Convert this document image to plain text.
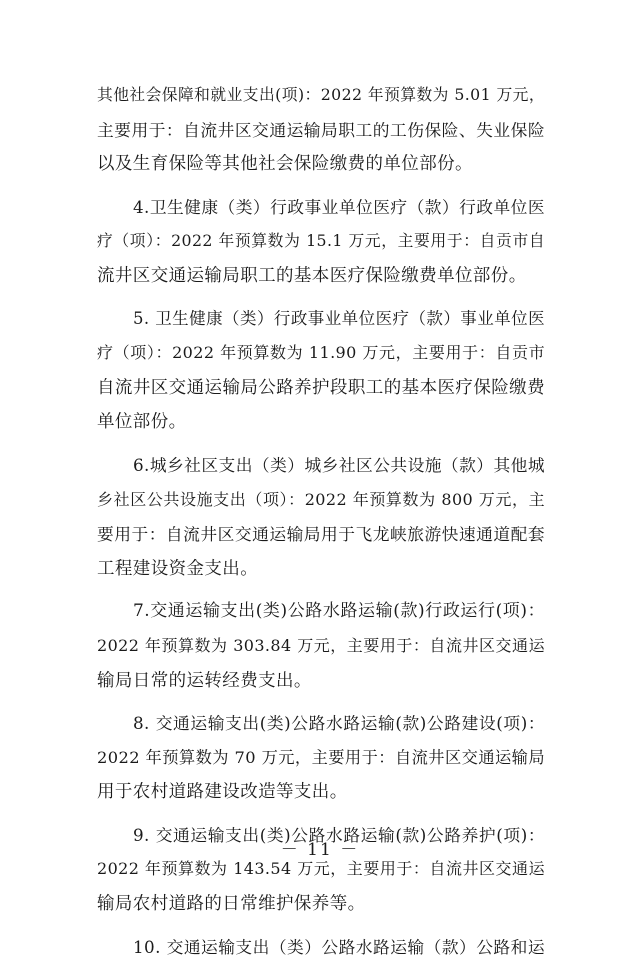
其他社会保障和就业支出(项)：2022 年预算数为 5.01 万元，
主要用于：自流井区交通运输局职工的工伤保险、失业保险
以及生育保险等其他社会保险缴费的单位部份。
4.卫生健康（类）行政事业单位医疗（款）行政单位医
疗（项）：2022 年预算数为 15.1 万元，主要用于：自贡市自
流井区交通运输局职工的基本医疗保险缴费单位部份。
5. 卫生健康（类）行政事业单位医疗（款）事业单位医
疗（项）：2022 年预算数为 11.90 万元，主要用于：自贡市
自流井区交通运输局公路养护段职工的基本医疗保险缴费
单位部份。
6.城乡社区支出（类）城乡社区公共设施（款）其他城
乡社区公共设施支出（项）：2022 年预算数为 800 万元，主
要用于：自流井区交通运输局用于飞龙峡旅游快速通道配套
工程建设资金支出。
7.交通运输支出(类)公路水路运输(款)行政运行(项)：
2022 年预算数为 303.84 万元，主要用于：自流井区交通运
输局日常的运转经费支出。
8. 交通运输支出(类)公路水路运输(款)公路建设(项)：
2022 年预算数为 70 万元，主要用于：自流井区交通运输局
用于农村道路建设改造等支出。
9. 交通运输支出(类)公路水路运输(款)公路养护(项)：
2022 年预算数为 143.54 万元，主要用于：自流井区交通运
输局农村道路的日常维护保养等。
10. 交通运输支出（类）公路水路运输（款）公路和运
－ 11 －
